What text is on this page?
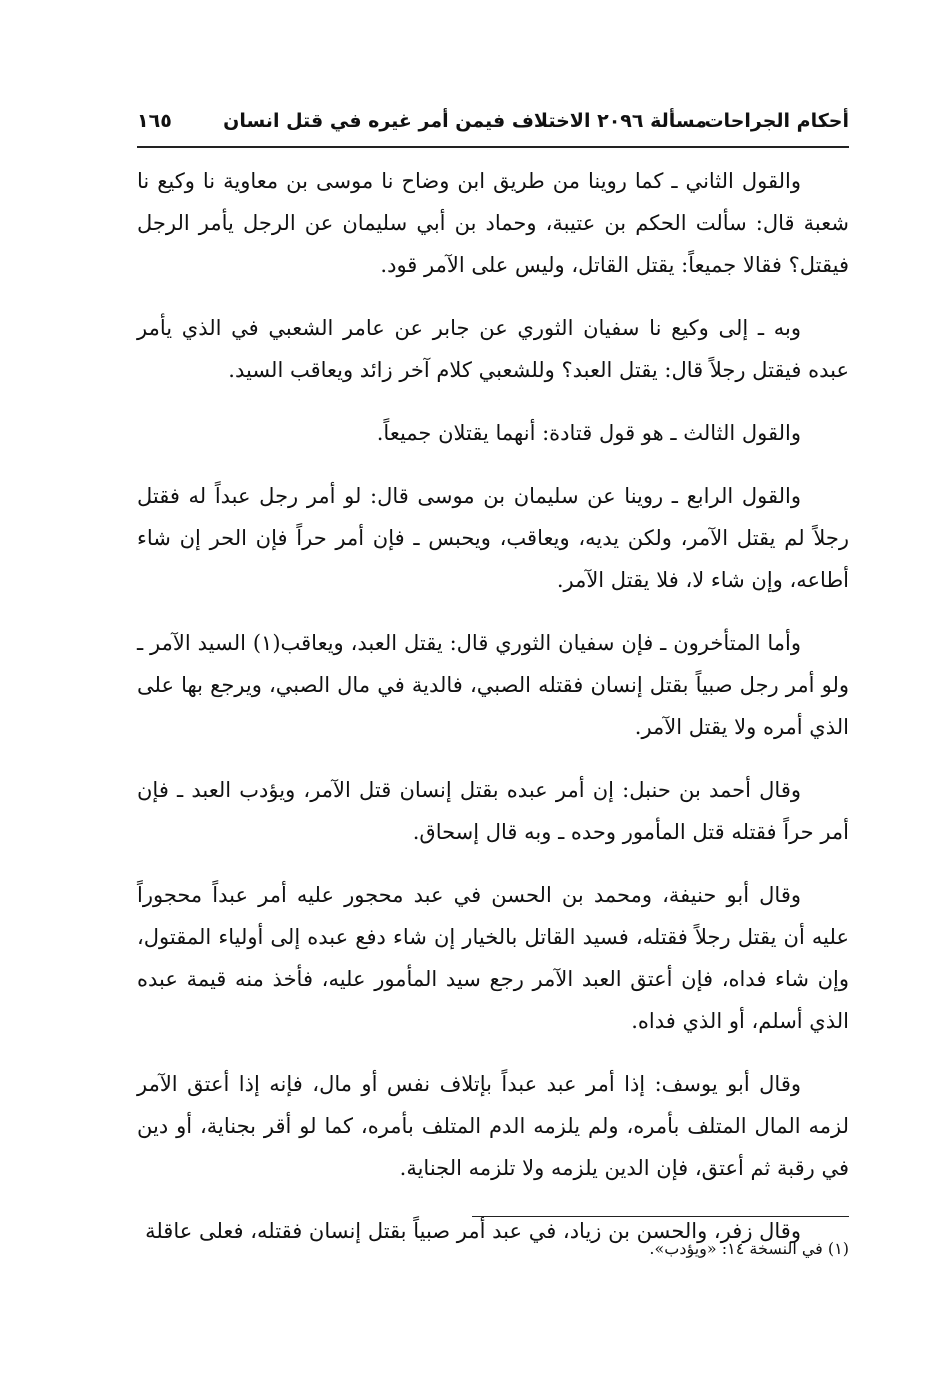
أحكام الجراحات
مسألة ٢٠٩٦ الاختلاف فيمن أمر غيره في قتل انسان
١٦٥

والقول الثاني ـ كما روينا من طريق ابن وضاح نا موسى بن معاوية نا وكيع نا شعبة قال: سألت الحكم بن عتيبة، وحماد بن أبي سليمان عن الرجل يأمر الرجل فيقتل؟ فقالا جميعاً: يقتل القاتل، وليس على الآمر قود.

وبه ـ إلى وكيع نا سفيان الثوري عن جابر عن عامر الشعبي في الذي يأمر عبده فيقتل رجلاً قال: يقتل العبد؟ وللشعبي كلام آخر زائد ويعاقب السيد.

والقول الثالث ـ هو قول قتادة: أنهما يقتلان جميعاً.

والقول الرابع ـ روينا عن سليمان بن موسى قال: لو أمر رجل عبداً له فقتل رجلاً لم يقتل الآمر، ولكن يديه، ويعاقب، ويحبس ـ فإن أمر حراً فإن الحر إن شاء أطاعه، وإن شاء لا، فلا يقتل الآمر.

وأما المتأخرون ـ فإن سفيان الثوري قال: يقتل العبد، ويعاقب(١) السيد الآمر ـ ولو أمر رجل صبياً بقتل إنسان فقتله الصبي، فالدية في مال الصبي، ويرجع بها على الذي أمره ولا يقتل الآمر.

وقال أحمد بن حنبل: إن أمر عبده بقتل إنسان قتل الآمر، ويؤدب العبد ـ فإن أمر حراً فقتله قتل المأمور وحده ـ وبه قال إسحاق.

وقال أبو حنيفة، ومحمد بن الحسن في عبد محجور عليه أمر عبداً محجوراً عليه أن يقتل رجلاً فقتله، فسيد القاتل بالخيار إن شاء دفع عبده إلى أولياء المقتول، وإن شاء فداه، فإن أعتق العبد الآمر رجع سيد المأمور عليه، فأخذ منه قيمة عبده الذي أسلم، أو الذي فداه.

وقال أبو يوسف: إذا أمر عبد عبداً بإتلاف نفس أو مال، فإنه إذا أعتق الآمر لزمه المال المتلف بأمره، ولم يلزمه الدم المتلف بأمره، كما لو أقر بجناية، أو دين في رقبة ثم أعتق، فإن الدين يلزمه ولا تلزمه الجناية.

وقال زفر، والحسن بن زياد، في عبد أمر صبياً بقتل إنسان فقتله، فعلى عاقلة

(١) في النسخة ١٤: «ويؤدب».
